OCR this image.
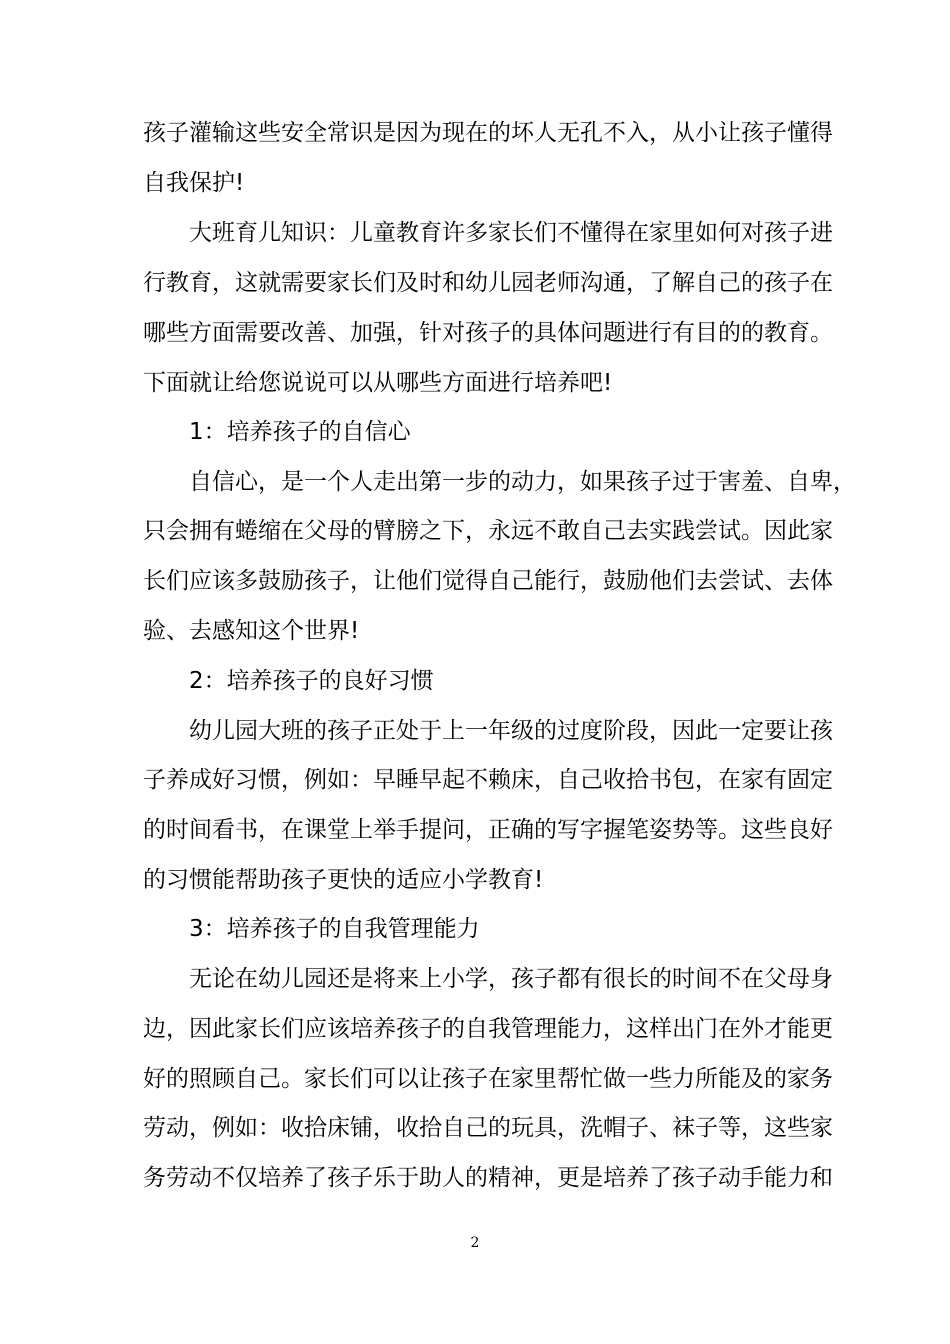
孩子灌输这些安全常识是因为现在的坏人无孔不入，从小让孩子懂得
自我保护!
大班育儿知识：儿童教育许多家长们不懂得在家里如何对孩子进
行教育，这就需要家长们及时和幼儿园老师沟通，了解自己的孩子在
哪些方面需要改善、加强，针对孩子的具体问题进行有目的的教育。
下面就让给您说说可以从哪些方面进行培养吧!
1：培养孩子的自信心
自信心，是一个人走出第一步的动力，如果孩子过于害羞、自卑，
只会拥有蜷缩在父母的臂膀之下，永远不敢自己去实践尝试。因此家
长们应该多鼓励孩子，让他们觉得自己能行，鼓励他们去尝试、去体
验、去感知这个世界!
2：培养孩子的良好习惯
幼儿园大班的孩子正处于上一年级的过度阶段，因此一定要让孩
子养成好习惯，例如：早睡早起不赖床，自己收拾书包，在家有固定
的时间看书，在课堂上举手提问，正确的写字握笔姿势等。这些良好
的习惯能帮助孩子更快的适应小学教育!
3：培养孩子的自我管理能力
无论在幼儿园还是将来上小学，孩子都有很长的时间不在父母身
边，因此家长们应该培养孩子的自我管理能力，这样出门在外才能更
好的照顾自己。家长们可以让孩子在家里帮忙做一些力所能及的家务
劳动，例如：收拾床铺，收拾自己的玩具，洗帽子、袜子等，这些家
务劳动不仅培养了孩子乐于助人的精神，更是培养了孩子动手能力和
2
